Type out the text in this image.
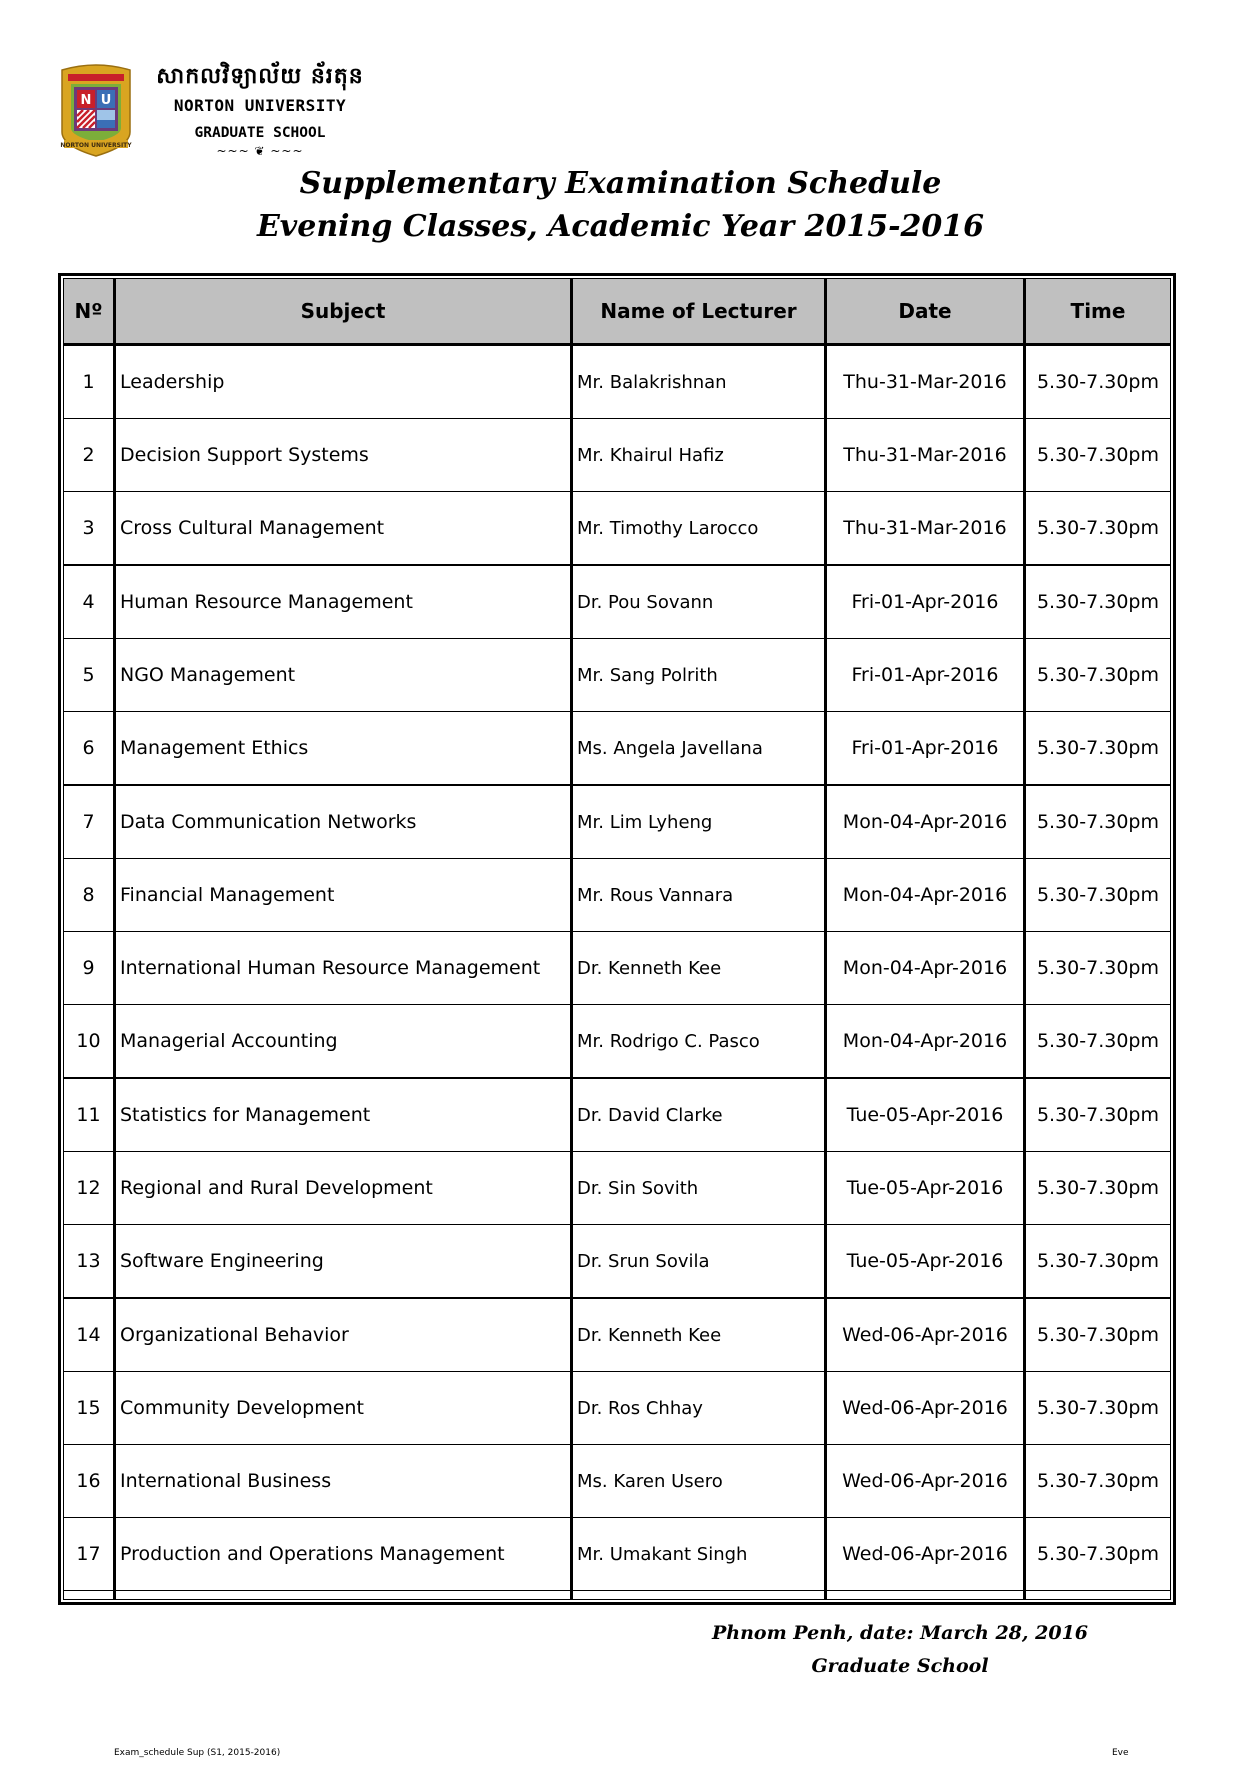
N U
NORTON UNIVERSITY
សាកលវិទ្យាល័យ ន័រតុន
NORTON UNIVERSITY
GRADUATE SCHOOL
~~~ ❦ ~~~
Supplementary Examination Schedule
Evening Classes, Academic Year 2015-2016
Nº	Subject	Name of Lecturer	Date	Time
1	Leadership	Mr. Balakrishnan	Thu-31-Mar-2016	5.30-7.30pm
2	Decision Support Systems	Mr. Khairul Hafiz	Thu-31-Mar-2016	5.30-7.30pm
3	Cross Cultural Management	Mr. Timothy Larocco	Thu-31-Mar-2016	5.30-7.30pm
4	Human Resource Management	Dr. Pou Sovann	Fri-01-Apr-2016	5.30-7.30pm
5	NGO Management	Mr. Sang Polrith	Fri-01-Apr-2016	5.30-7.30pm
6	Management Ethics	Ms. Angela Javellana	Fri-01-Apr-2016	5.30-7.30pm
7	Data Communication Networks	Mr. Lim Lyheng	Mon-04-Apr-2016	5.30-7.30pm
8	Financial Management	Mr. Rous Vannara	Mon-04-Apr-2016	5.30-7.30pm
9	International Human Resource Management	Dr. Kenneth Kee	Mon-04-Apr-2016	5.30-7.30pm
10	Managerial Accounting	Mr. Rodrigo C. Pasco	Mon-04-Apr-2016	5.30-7.30pm
11	Statistics for Management	Dr. David Clarke	Tue-05-Apr-2016	5.30-7.30pm
12	Regional and Rural Development	Dr. Sin Sovith	Tue-05-Apr-2016	5.30-7.30pm
13	Software Engineering	Dr. Srun Sovila	Tue-05-Apr-2016	5.30-7.30pm
14	Organizational Behavior	Dr. Kenneth Kee	Wed-06-Apr-2016	5.30-7.30pm
15	Community Development	Dr. Ros Chhay	Wed-06-Apr-2016	5.30-7.30pm
16	International Business	Ms. Karen Usero	Wed-06-Apr-2016	5.30-7.30pm
17	Production and Operations Management	Mr. Umakant Singh	Wed-06-Apr-2016	5.30-7.30pm

Phnom Penh, date: March 28, 2016
Graduate School
Exam_schedule Sup (S1, 2015-2016)	Eve
